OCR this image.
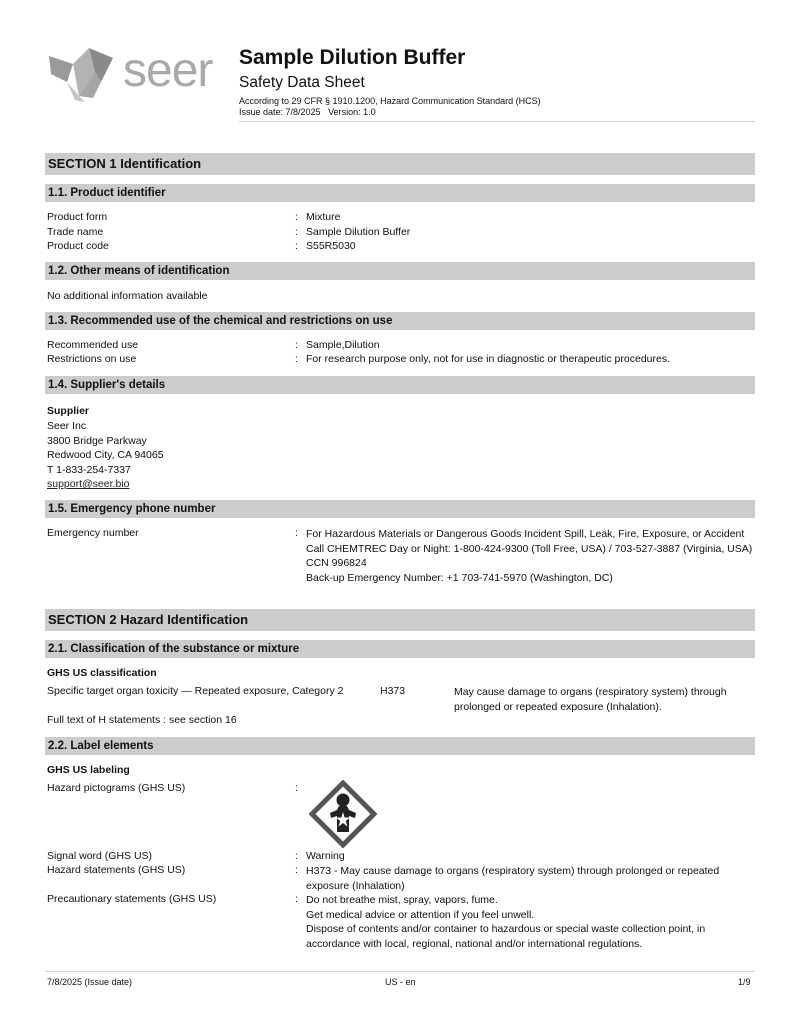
seer Sample Dilution Buffer
Safety Data Sheet
According to 29 CFR § 1910.1200, Hazard Communication Standard (HCS)
Issue date: 7/8/2025   Version: 1.0
SECTION 1 Identification
1.1. Product identifier
Product form	: Mixture
Trade name	: Sample Dilution Buffer
Product code	: S55R5030
1.2. Other means of identification
No additional information available
1.3. Recommended use of the chemical and restrictions on use
Recommended use	: Sample,Dilution
Restrictions on use	: For research purpose only, not for use in diagnostic or therapeutic procedures.
1.4. Supplier's details
Supplier
Seer Inc
3800 Bridge Parkway
Redwood City, CA 94065
T 1-833-254-7337
support@seer.bio
1.5. Emergency phone number
Emergency number	: For Hazardous Materials or Dangerous Goods Incident Spill, Leak, Fire, Exposure, or Accident
Call CHEMTREC Day or Night: 1-800-424-9300 (Toll Free, USA) / 703-527-3887 (Virginia, USA)
CCN 996824
Back-up Emergency Number: +1 703-741-5970 (Washington, DC)
SECTION 2 Hazard Identification
2.1. Classification of the substance or mixture
GHS US classification
Specific target organ toxicity — Repeated exposure, Category 2	H373	May cause damage to organs (respiratory system) through
prolonged or repeated exposure (Inhalation).
Full text of H statements : see section 16
2.2. Label elements
GHS US labeling
Hazard pictograms (GHS US)	:
Signal word (GHS US)	: Warning
Hazard statements (GHS US)	: H373 - May cause damage to organs (respiratory system) through prolonged or repeated
exposure (Inhalation)
Precautionary statements (GHS US)	: Do not breathe mist, spray, vapors, fume.
Get medical advice or attention if you feel unwell.
Dispose of contents and/or container to hazardous or special waste collection point, in
accordance with local, regional, national and/or international regulations.
7/8/2025 (Issue date)	US - en	1/9
